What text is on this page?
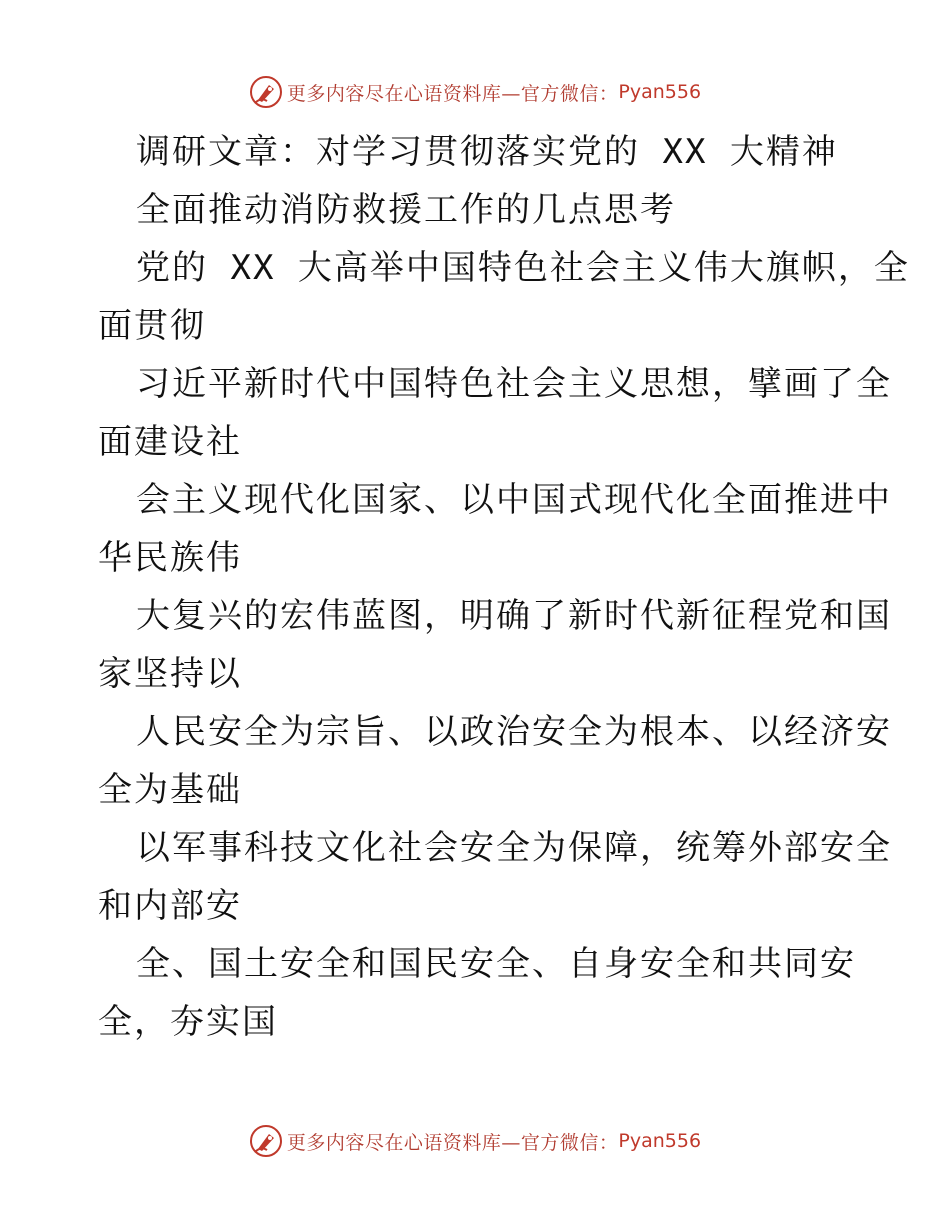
更多内容尽在心语资料库—官方微信： Pyan556
调研文章：对学习贯彻落实党的 XX 大精神
全面推动消防救援工作的几点思考
党的 XX 大高举中国特色社会主义伟大旗帜，全
面贯彻
习近平新时代中国特色社会主义思想，擘画了全
面建设社
会主义现代化国家、以中国式现代化全面推进中
华民族伟
大复兴的宏伟蓝图，明确了新时代新征程党和国
家坚持以
人民安全为宗旨、以政治安全为根本、以经济安
全为基础
以军事科技文化社会安全为保障，统筹外部安全
和内部安
全、国土安全和国民安全、自身安全和共同安
全，夯实国
更多内容尽在心语资料库—官方微信： Pyan556
